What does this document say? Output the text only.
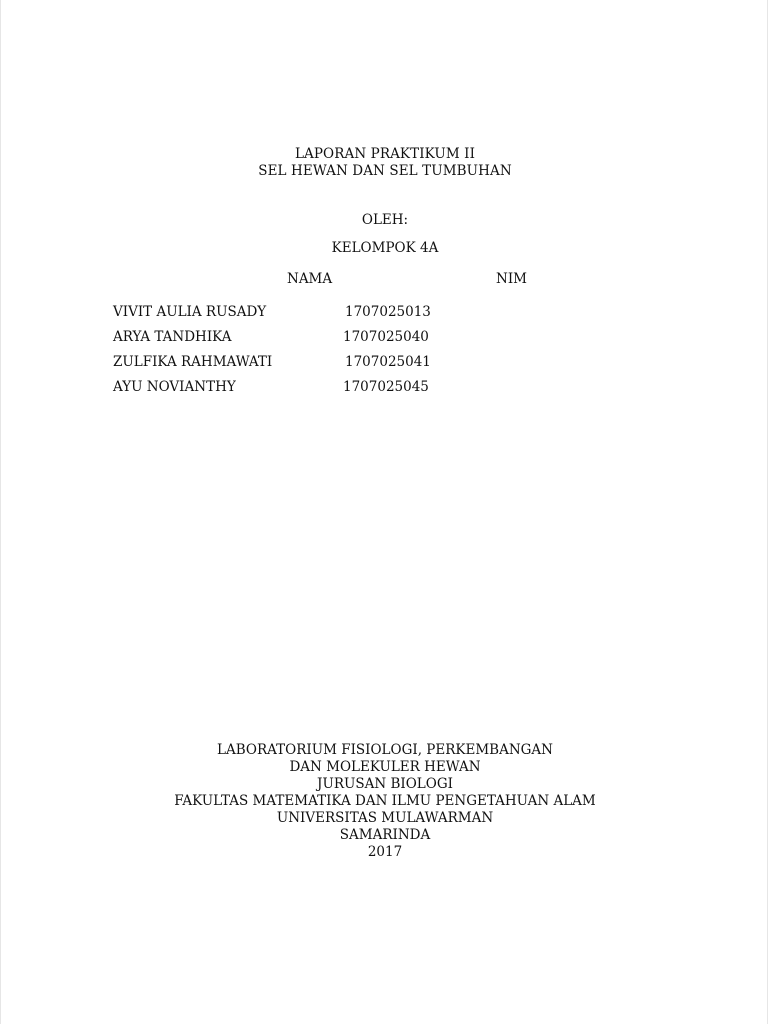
LAPORAN PRAKTIKUM II
SEL HEWAN DAN SEL TUMBUHAN
OLEH:
KELOMPOK 4A
NAMA	NIM
VIVIT AULIA RUSADY	1707025013
ARYA TANDHIKA	1707025040
ZULFIKA RAHMAWATI	1707025041
AYU NOVIANTHY	1707025045
LABORATORIUM FISIOLOGI, PERKEMBANGAN
DAN MOLEKULER HEWAN
JURUSAN BIOLOGI
FAKULTAS MATEMATIKA DAN ILMU PENGETAHUAN ALAM
UNIVERSITAS MULAWARMAN
SAMARINDA
2017
